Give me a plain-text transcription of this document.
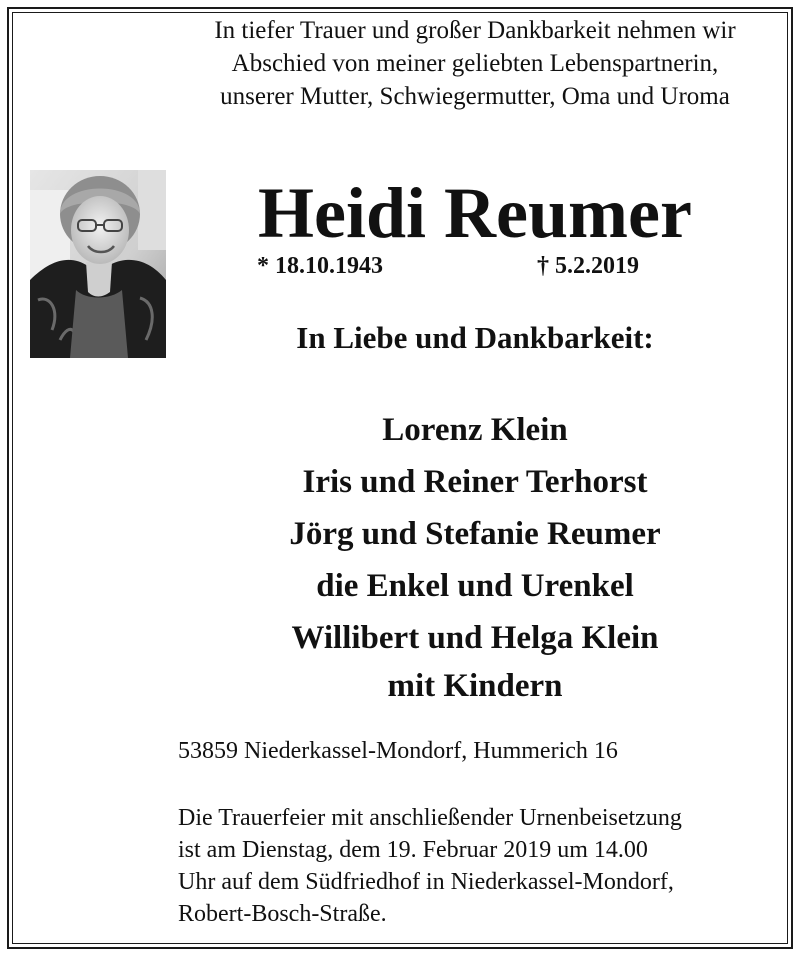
In tiefer Trauer und großer Dankbarkeit nehmen wir
Abschied von meiner geliebten Lebenspartnerin,
unserer Mutter, Schwiegermutter, Oma und Uroma
Heidi Reumer
* 18.10.1943	† 5.2.2019
In Liebe und Dankbarkeit:
Lorenz Klein
Iris und Reiner Terhorst
Jörg und Stefanie Reumer
die Enkel und Urenkel
Willibert und Helga Klein
mit Kindern
53859 Niederkassel-Mondorf, Hummerich 16
Die Trauerfeier mit anschließender Urnenbeisetzung
ist am Dienstag, dem 19. Februar 2019 um 14.00
Uhr auf dem Südfriedhof in Niederkassel-Mondorf,
Robert-Bosch-Straße.
